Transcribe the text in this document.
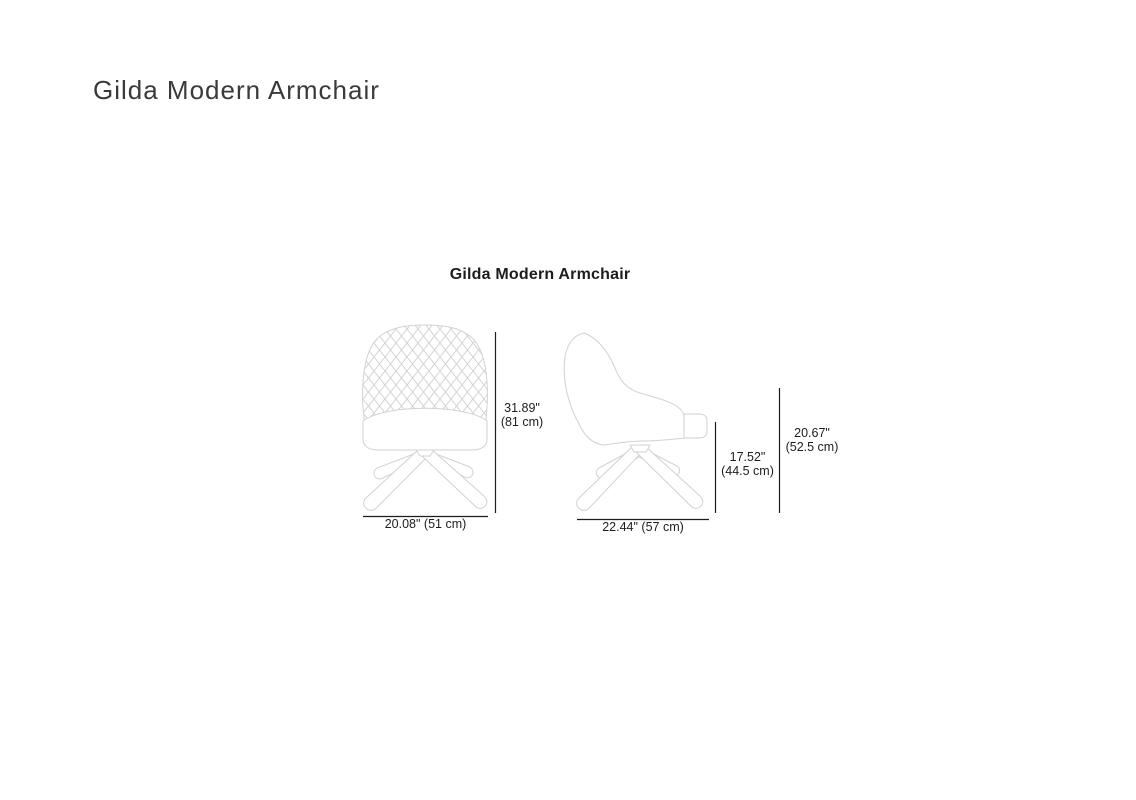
Gilda Modern Armchair
Gilda Modern Armchair
31.89"
(81 cm)
20.08" (51 cm)
17.52"
(44.5 cm)
20.67"
(52.5 cm)
22.44" (57 cm)
